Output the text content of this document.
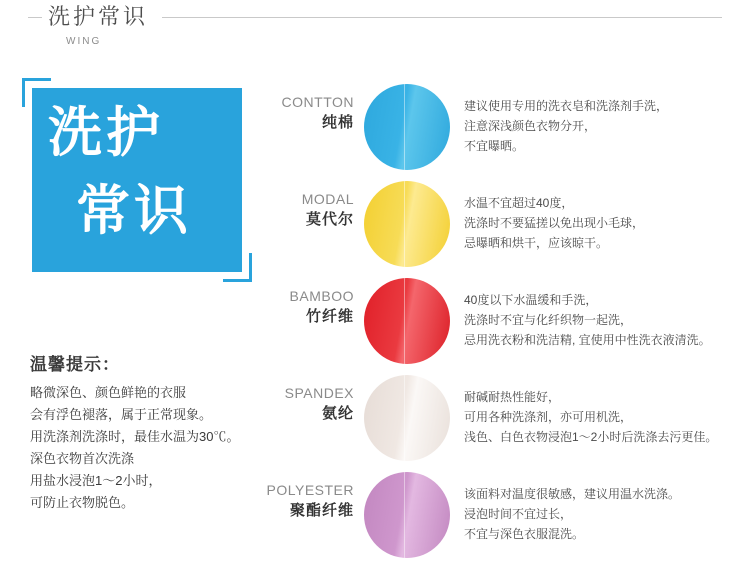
洗护常识
WING
洗护
常识
温馨提示：
略微深色、颜色鲜艳的衣服
会有浮色褪落，属于正常现象。
用洗涤剂洗涤时，最佳水温为30℃。
深色衣物首次洗涤
用盐水浸泡1～2小时，
可防止衣物脱色。
CONTTON
纯棉
建议使用专用的洗衣皂和洗涤剂手洗，
注意深浅颜色衣物分开，
不宜曝晒。
MODAL
莫代尔
水温不宜超过40度，
洗涤时不要猛搓以免出现小毛球，
忌曝晒和烘干，应该晾干。
BAMBOO
竹纤维
40度以下水温缓和手洗，
洗涤时不宜与化纤织物一起洗，
忌用洗衣粉和洗洁精, 宜使用中性洗衣液清洗。
SPANDEX
氨纶
耐碱耐热性能好，
可用各种洗涤剂，亦可用机洗，
浅色、白色衣物浸泡1～2小时后洗涤去污更佳。
POLYESTER
聚酯纤维
该面料对温度很敏感，建议用温水洗涤。
浸泡时间不宜过长，
不宜与深色衣服混洗。
